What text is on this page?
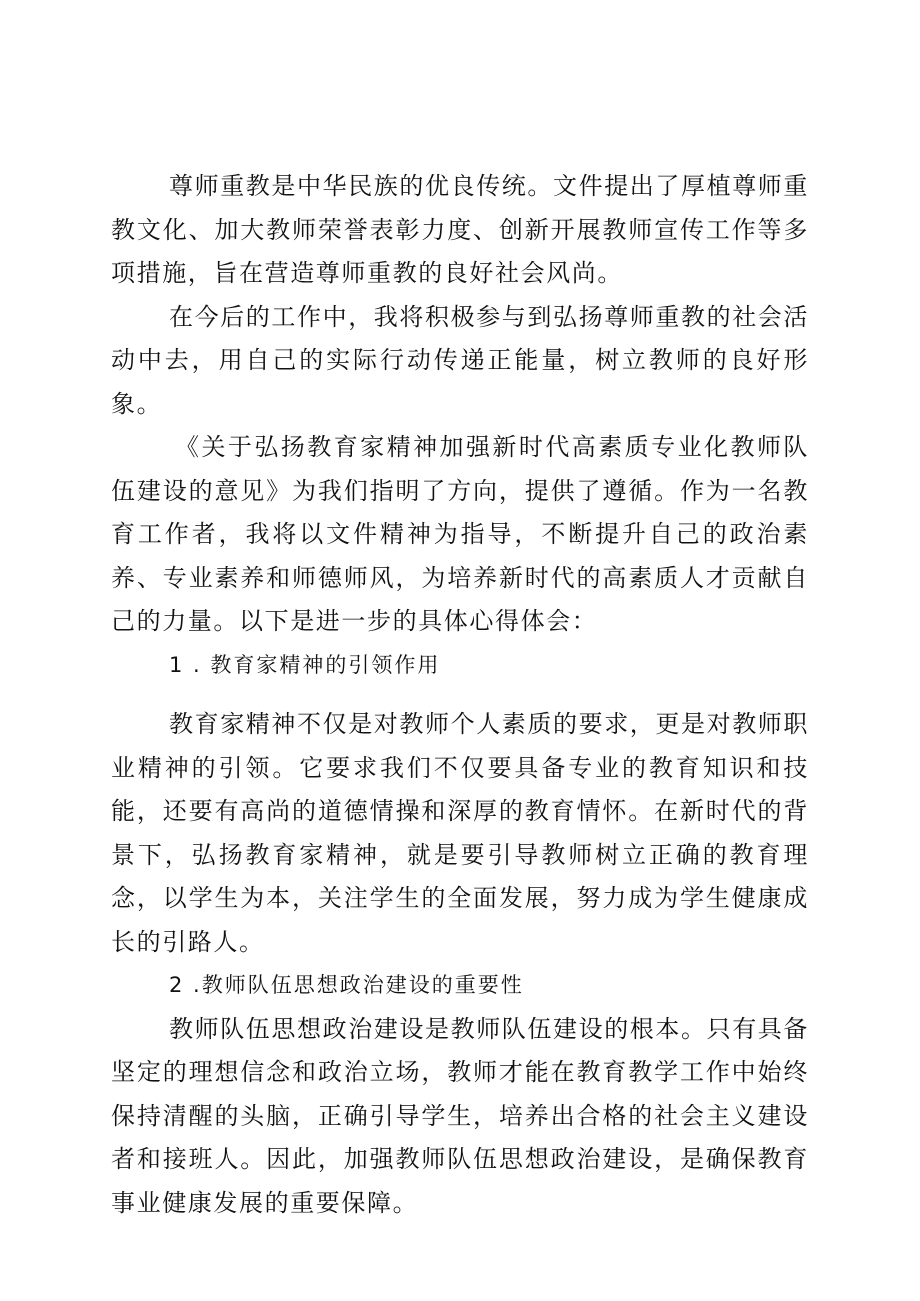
尊师重教是中华民族的优良传统。文件提出了厚植尊师重教文化、加大教师荣誉表彰力度、创新开展教师宣传工作等多项措施，旨在营造尊师重教的良好社会风尚。

在今后的工作中，我将积极参与到弘扬尊师重教的社会活动中去，用自己的实际行动传递正能量，树立教师的良好形象。

《关于弘扬教育家精神加强新时代高素质专业化教师队伍建设的意见》为我们指明了方向，提供了遵循。作为一名教育工作者，我将以文件精神为指导，不断提升自己的政治素养、专业素养和师德师风，为培养新时代的高素质人才贡献自己的力量。以下是进一步的具体心得体会：

1 . 教育家精神的引领作用

教育家精神不仅是对教师个人素质的要求，更是对教师职业精神的引领。它要求我们不仅要具备专业的教育知识和技能，还要有高尚的道德情操和深厚的教育情怀。在新时代的背景下，弘扬教育家精神，就是要引导教师树立正确的教育理念，以学生为本，关注学生的全面发展，努力成为学生健康成长的引路人。

2 .教师队伍思想政治建设的重要性

教师队伍思想政治建设是教师队伍建设的根本。只有具备坚定的理想信念和政治立场，教师才能在教育教学工作中始终保持清醒的头脑，正确引导学生，培养出合格的社会主义建设者和接班人。因此，加强教师队伍思想政治建设，是确保教育事业健康发展的重要保障。
